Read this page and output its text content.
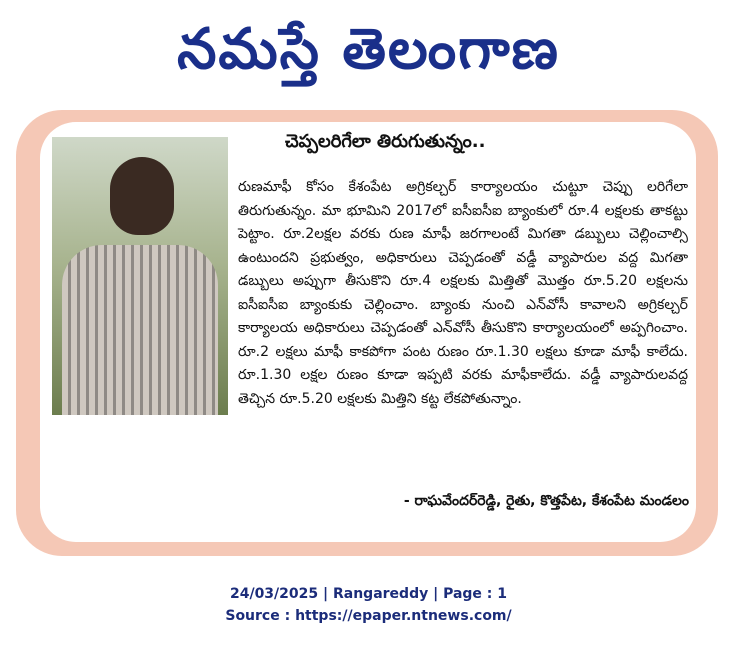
నమస్తే తెలంగాణ
చెప్పలరిగేలా తిరుగుతున్నం..

రుణమాఫీ కోసం కేశంపేట అగ్రికల్చర్ కార్యాలయం చుట్టూ చెప్పు లరిగేలా తిరుగుతున్నం. మా భూమిని 2017లో ఐసీఐసీఐ బ్యాంకులో రూ.4 లక్షలకు తాకట్టు పెట్టాం. రూ.2లక్షల వరకు రుణ మాఫీ జరగాలంటే మిగతా డబ్బులు చెల్లించాల్సి ఉంటుందని ప్రభుత్వం, అధికారులు చెప్పడంతో వడ్డీ వ్యాపారుల వద్ద మిగతా డబ్బులు అప్పుగా తీసుకొని రూ.4 లక్షలకు మిత్తితో మొత్తం రూ.5.20 లక్షలను ఐసీఐసీఐ బ్యాంకుకు చెల్లించాం. బ్యాంకు నుంచి ఎన్‌వోసీ కావాలని అగ్రికల్చర్ కార్యాలయ అధికారులు చెప్పడంతో ఎన్‌వోసీ తీసుకొని కార్యాలయంలో అప్పగించాం. రూ.2 లక్షలు మాఫీ కాకపోగా పంట రుణం రూ.1.30 లక్షలు కూడా మాఫీ కాలేదు. రూ.1.30 లక్షల రుణం కూడా ఇప్పటి వరకు మాఫీకాలేదు. వడ్డీ వ్యాపారులవద్ద తెచ్చిన రూ.5.20 లక్షలకు మిత్తిని కట్ట లేకపోతున్నాం.

- రాఘవేందర్‌రెడ్డి, రైతు, కొత్తపేట, కేశంపేట మండలం
24/03/2025 | Rangareddy | Page : 1
Source : https://epaper.ntnews.com/
